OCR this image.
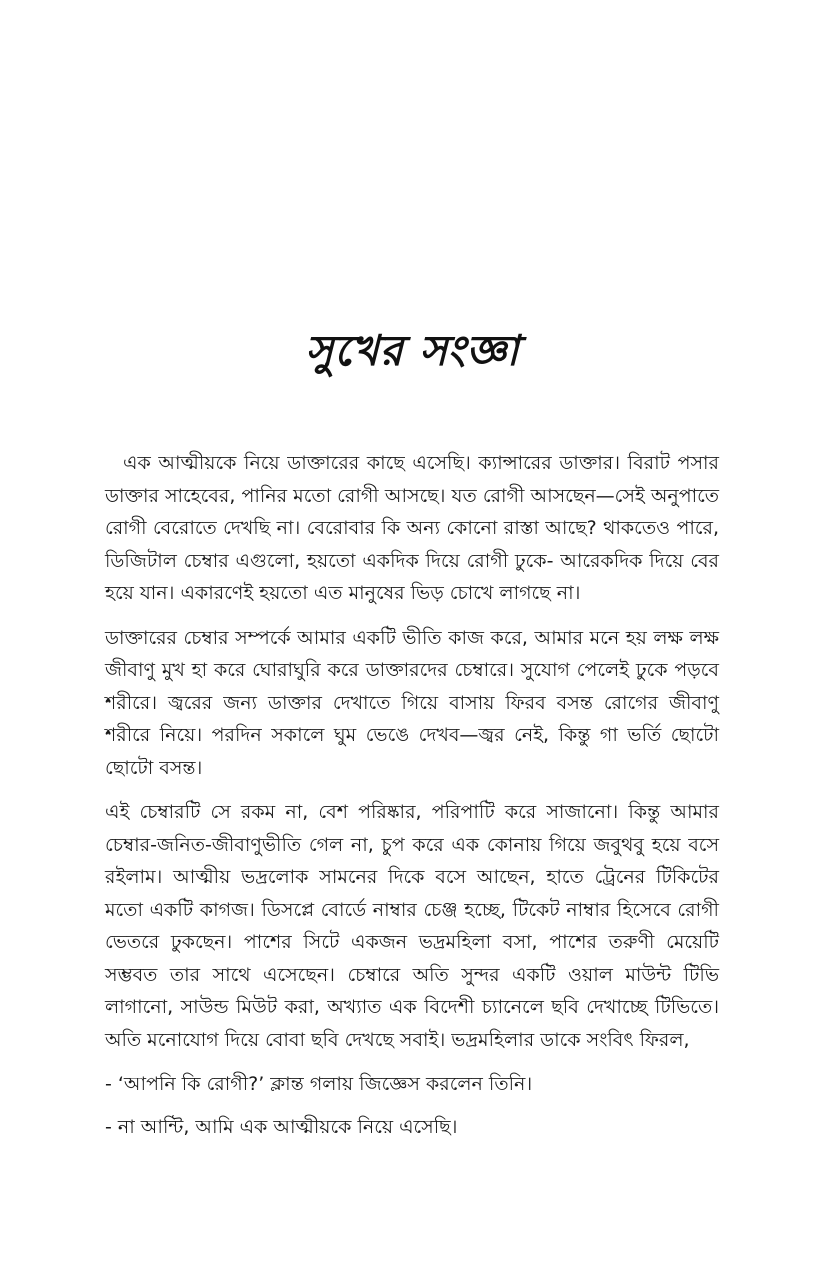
সুখের সংজ্ঞা

এক আত্মীয়কে নিয়ে ডাক্তারের কাছে এসেছি। ক্যান্সারের ডাক্তার। বিরাট পসার ডাক্তার সাহেবের, পানির মতো রোগী আসছে। যত রোগী আসছেন—সেই অনুপাতে রোগী বেরোতে দেখছি না। বেরোবার কি অন্য কোনো রাস্তা আছে? থাকতেও পারে, ডিজিটাল চেম্বার এগুলো, হয়তো একদিক দিয়ে রোগী ঢুকে- আরেকদিক দিয়ে বের হয়ে যান। একারণেই হয়তো এত মানুষের ভিড় চোখে লাগছে না।

ডাক্তারের চেম্বার সম্পর্কে আমার একটি ভীতি কাজ করে, আমার মনে হয় লক্ষ লক্ষ জীবাণু মুখ হা করে ঘোরাঘুরি করে ডাক্তারদের চেম্বারে। সুযোগ পেলেই ঢুকে পড়বে শরীরে। জ্বরের জন্য ডাক্তার দেখাতে গিয়ে বাসায় ফিরব বসন্ত রোগের জীবাণু শরীরে নিয়ে। পরদিন সকালে ঘুম ভেঙে দেখব—জ্বর নেই, কিন্তু গা ভর্তি ছোটো ছোটো বসন্ত।

এই চেম্বারটি সে রকম না, বেশ পরিষ্কার, পরিপাটি করে সাজানো। কিন্তু আমার চেম্বার-জনিত-জীবাণুভীতি গেল না, চুপ করে এক কোনায় গিয়ে জবুথবু হয়ে বসে রইলাম। আত্মীয় ভদ্রলোক সামনের দিকে বসে আছেন, হাতে ট্রেনের টিকিটের মতো একটি কাগজ। ডিসপ্লে বোর্ডে নাম্বার চেঞ্জ হচ্ছে, টিকেট নাম্বার হিসেবে রোগী ভেতরে ঢুকছেন। পাশের সিটে একজন ভদ্রমহিলা বসা, পাশের তরুণী মেয়েটি সম্ভবত তার সাথে এসেছেন। চেম্বারে অতি সুন্দর একটি ওয়াল মাউন্ট টিভি লাগানো, সাউন্ড মিউট করা, অখ্যাত এক বিদেশী চ্যানেলে ছবি দেখাচ্ছে টিভিতে। অতি মনোযোগ দিয়ে বোবা ছবি দেখছে সবাই। ভদ্রমহিলার ডাকে সংবিৎ ফিরল,

- ‘আপনি কি রোগী?’ ক্লান্ত গলায় জিজ্ঞেস করলেন তিনি।

- না আন্টি, আমি এক আত্মীয়কে নিয়ে এসেছি।
